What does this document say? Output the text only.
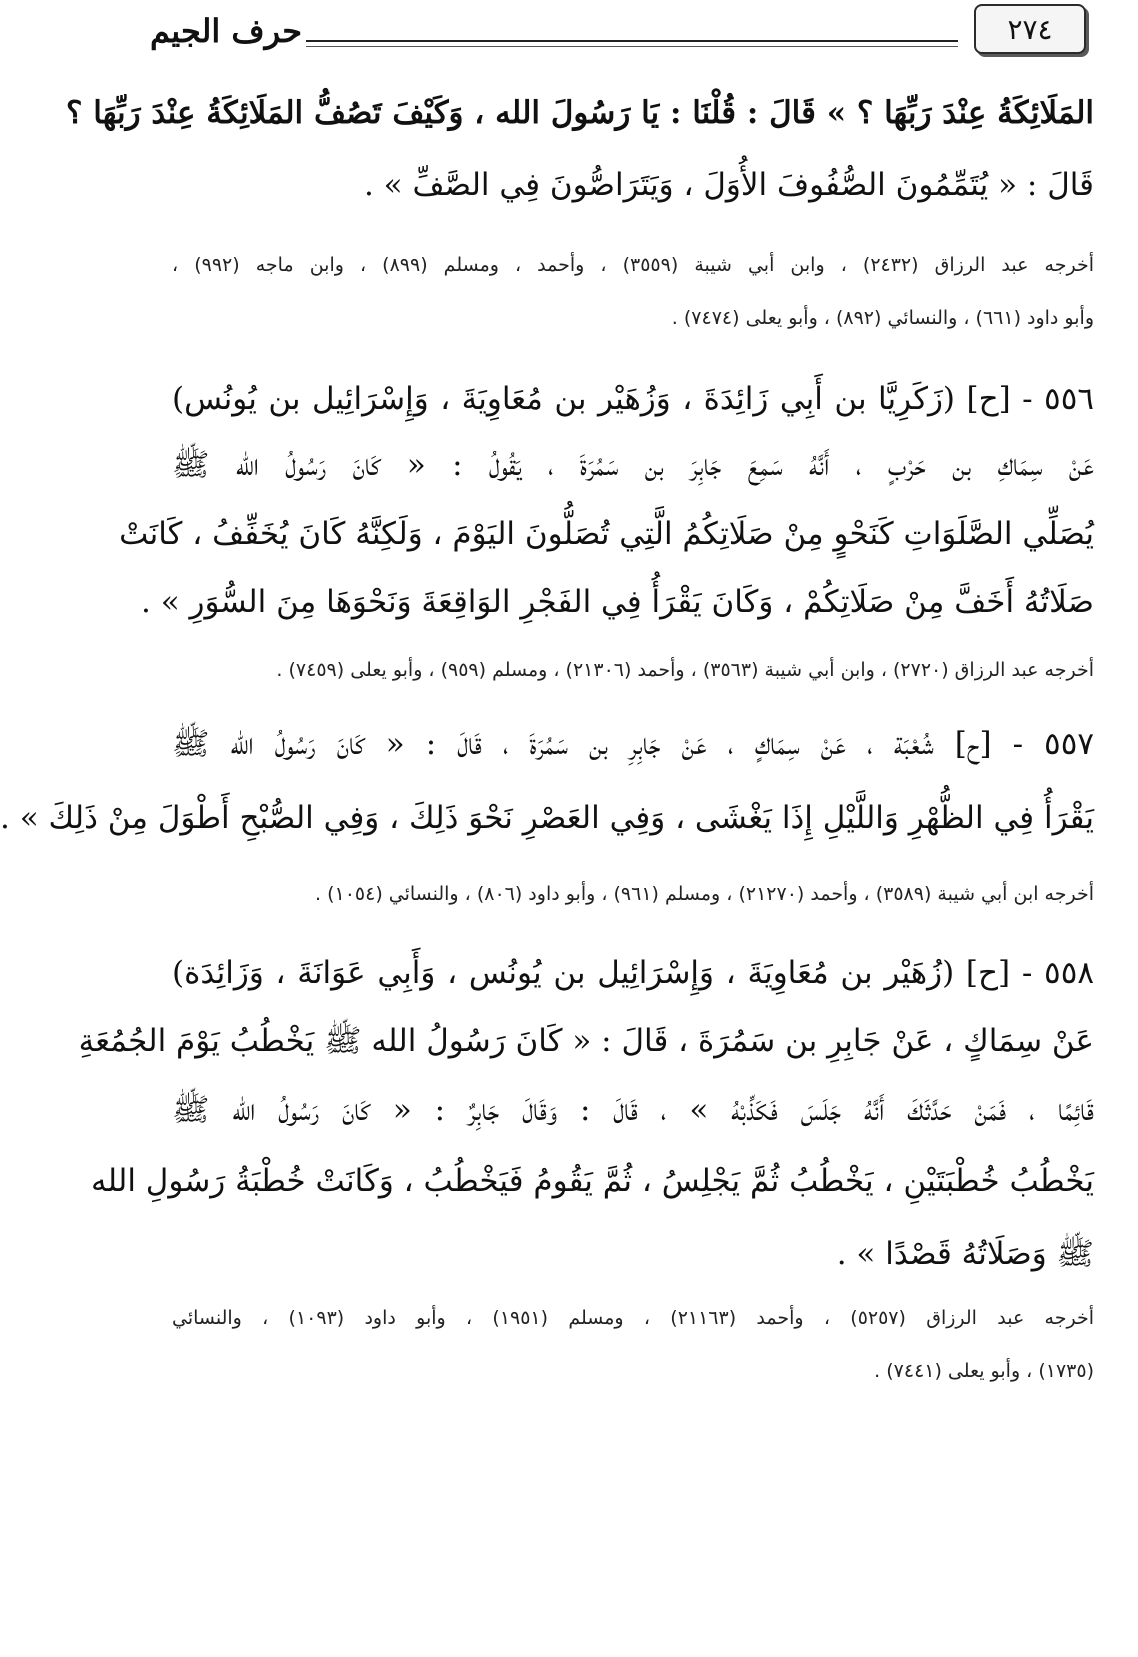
٢٧٤
حرف الجيم
المَلَائِكَةُ عِنْدَ رَبِّهَا ؟ » قَالَ : قُلْنَا : يَا رَسُولَ الله ، وَكَيْفَ تَصُفُّ المَلَائِكَةُ عِنْدَ رَبِّهَا ؟
قَالَ : « يُتَمِّمُونَ الصُّفُوفَ الأُوَلَ ، وَيَتَرَاصُّونَ فِي الصَّفِّ » .
أخرجه عبد الرزاق (٢٤٣٢) ، وابن أبي شيبة (٣٥٥٩) ، وأحمد ، ومسلم (٨٩٩) ، وابن ماجه (٩٩٢) ،
وأبو داود (٦٦١) ، والنسائي (٨٩٢) ، وأبو يعلى (٧٤٧٤) .
٥٥٦ - [ح] (زَكَرِيَّا بن أَبِي زَائِدَةَ ، وَزُهَيْر بن مُعَاوِيَةَ ، وَإِسْرَائِيل بن يُونُس)
عَنْ سِمَاكِ بن حَرْبٍ ، أَنَّهُ سَمِعَ جَابِرَ بن سَمُرَةَ ، يَقُولُ : « كَانَ رَسُولُ الله ﷺ
يُصَلِّي الصَّلَوَاتِ كَنَحْوٍ مِنْ صَلَاتِكُمُ الَّتِي تُصَلُّونَ اليَوْمَ ، وَلَكِنَّهُ كَانَ يُخَفِّفُ ، كَانَتْ
صَلَاتُهُ أَخَفَّ مِنْ صَلَاتِكُمْ ، وَكَانَ يَقْرَأُ فِي الفَجْرِ الوَاقِعَةَ وَنَحْوَهَا مِنَ السُّوَرِ » .
أخرجه عبد الرزاق (٢٧٢٠) ، وابن أبي شيبة (٣٥٦٣) ، وأحمد (٢١٣٠٦) ، ومسلم (٩٥٩) ، وأبو يعلى (٧٤٥٩) .
٥٥٧ - [ح] شُعْبَة ، عَنْ سِمَاكٍ ، عَنْ جَابِرِ بن سَمُرَةَ ، قَالَ : « كَانَ رَسُولُ الله ﷺ
يَقْرَأُ فِي الظُّهْرِ وَاللَّيْلِ إِذَا يَغْشَى ، وَفِي العَصْرِ نَحْوَ ذَلِكَ ، وَفِي الصُّبْحِ أَطْوَلَ مِنْ ذَلِكَ » .
أخرجه ابن أبي شيبة (٣٥٨٩) ، وأحمد (٢١٢٧٠) ، ومسلم (٩٦١) ، وأبو داود (٨٠٦) ، والنسائي (١٠٥٤) .
٥٥٨ - [ح] (زُهَيْر بن مُعَاوِيَةَ ، وَإِسْرَائِيل بن يُونُس ، وَأَبِي عَوَانَةَ ، وَزَائِدَة)
عَنْ سِمَاكٍ ، عَنْ جَابِرِ بن سَمُرَةَ ، قَالَ : « كَانَ رَسُولُ الله ﷺ يَخْطُبُ يَوْمَ الجُمُعَةِ
قَائِمًا ، فَمَنْ حَدَّثَكَ أَنَّهُ جَلَسَ فَكَذِّبْهُ » ، قَالَ : وَقَالَ جَابِرٌ : « كَانَ رَسُولُ الله ﷺ
يَخْطُبُ خُطْبَتَيْنِ ، يَخْطُبُ ثُمَّ يَجْلِسُ ، ثُمَّ يَقُومُ فَيَخْطُبُ ، وَكَانَتْ خُطْبَةُ رَسُولِ الله
ﷺ وَصَلَاتُهُ قَصْدًا » .
أخرجه عبد الرزاق (٥٢٥٧) ، وأحمد (٢١١٦٣) ، ومسلم (١٩٥١) ، وأبو داود (١٠٩٣) ، والنسائي
(١٧٣٥) ، وأبو يعلى (٧٤٤١) .
